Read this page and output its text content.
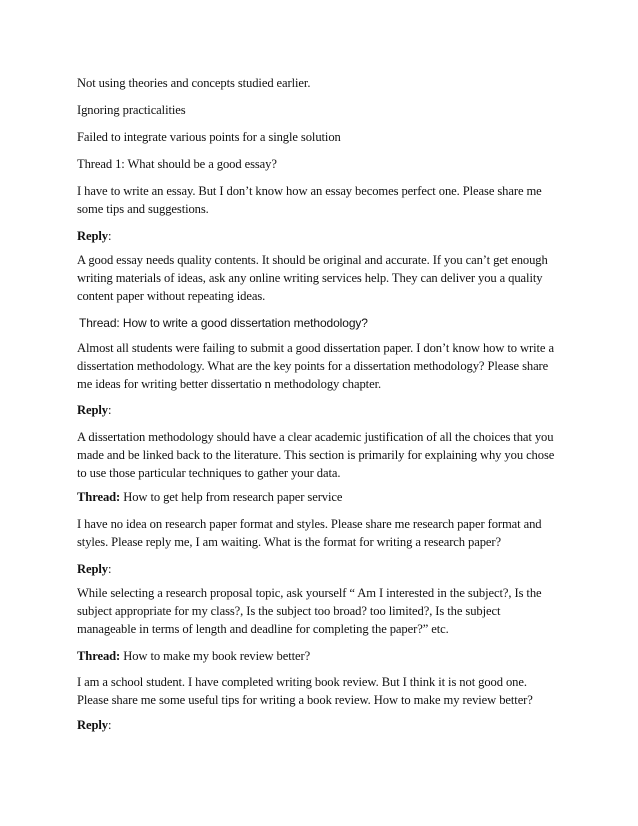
Not using theories and concepts studied earlier.
Ignoring practicalities
Failed to integrate various points for a single solution
Thread 1: What should be a good essay?
I have to write an essay. But I don’t know how an essay becomes perfect one. Please share me
some tips and suggestions.
Reply:
A good essay needs quality contents. It should be original and accurate. If you can’t get enough
writing materials of ideas, ask any online writing services help. They can deliver you a quality
content paper without repeating ideas.
Thread: How to write a good dissertation methodology?
Almost all students were failing to submit a good dissertation paper. I don’t know how to write a
dissertation methodology. What are the key points for a dissertation methodology? Please share
me ideas for writing better dissertatio n methodology chapter.
Reply:
A dissertation methodology should have a clear academic justification of all the choices that you
made and be linked back to the literature. This section is primarily for explaining why you chose
to use those particular techniques to gather your data.
Thread: How to get help from research paper service
I have no idea on research paper format and styles. Please share me research paper format and
styles. Please reply me, I am waiting. What is the format for writing a research paper?
Reply:
While selecting a research proposal topic, ask yourself “ Am I interested in the subject?, Is the
subject appropriate for my class?, Is the subject too broad? too limited?, Is the subject
manageable in terms of length and deadline for completing the paper?” etc.
Thread: How to make my book review better?
I am a school student. I have completed writing book review. But I think it is not good one.
Please share me some useful tips for writing a book review. How to make my review better?
Reply:
